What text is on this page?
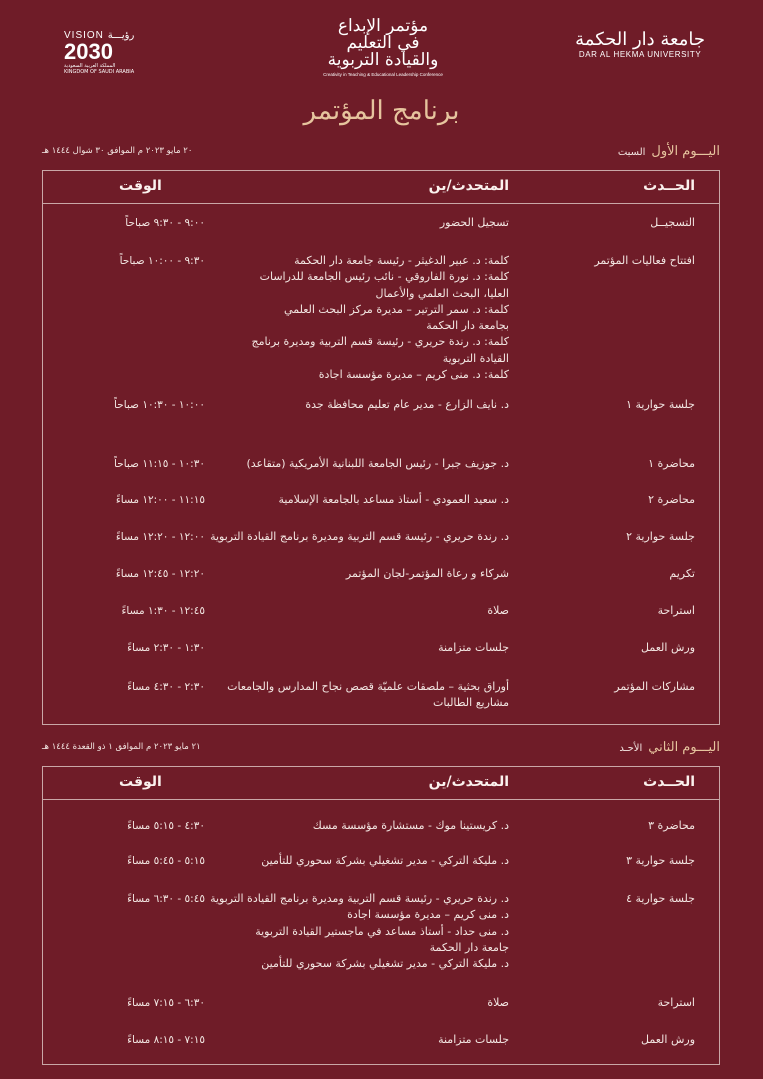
VISION رؤيـــة
2030
المملكة العربية السعودية
KINGDOM OF SAUDI ARABIA
مؤتمر الإبداع
في التعليم
والقيادة التربوية
Creativity in Teaching & Educational Leadership Conference
جامعة دار الحكمة
DAR AL HEKMA UNIVERSITY
برنامج المؤتمر
اليـــوم الأول
السبت
٢٠ مايو ٢٠٢٣ م الموافق ٣٠ شوال ١٤٤٤ هـ
الحــدث
المتحدث/ين
الوقت
التسجيــل
تسجيل الحضور
٩:٠٠ - ٩:٣٠ صباحاً
افتتاح فعاليات المؤتمر
كلمة: د. عبير الدغيثر - رئيسة جامعة دار الحكمة
كلمة: د. نورة الفاروقي - نائب رئيس الجامعة للدراسات
العليا، البحث العلمي والأعمال
كلمة: د. سمر الترتير – مديرة مركز البحث العلمي
بجامعة دار الحكمة
كلمة: د. رندة حريري - رئيسة قسم التربية ومديرة برنامج
القيادة التربوية
كلمة: د. منى كريم – مديرة مؤسسة اجادة
٩:٣٠ - ١٠:٠٠ صباحاً
جلسة حوارية ١
د. نايف الزارع - مدير عام تعليم محافظة جدة
١٠:٠٠ - ١٠:٣٠ صباحاً
محاضرة ١
د. جوزيف جبرا - رئيس الجامعة اللبنانية الأمريكية (متقاعد)
١٠:٣٠ - ١١:١٥ صباحاً
محاضرة ٢
د. سعيد العمودي - أستاذ مساعد بالجامعة الإسلامية
١١:١٥ - ١٢:٠٠ مساءً
جلسة حوارية ٢
د. رندة حريري - رئيسة قسم التربية ومديرة برنامج القيادة التربوية
١٢:٠٠ - ١٢:٢٠ مساءً
تكريم
شركاء و رعاة المؤتمر-لجان المؤتمر
١٢:٢٠ - ١٢:٤٥ مساءً
استراحة
صلاة
١٢:٤٥ - ١:٣٠ مساءً
ورش العمل
جلسات متزامنة
١:٣٠ - ٢:٣٠ مساءً
مشاركات المؤتمر
أوراق بحثية – ملصقات علميّة قصص نجاح المدارس والجامعات
مشاريع الطالبات
٢:٣٠ - ٤:٣٠ مساءً
اليـــوم الثاني
الأحـد
٢١ مايو ٢٠٢٣ م الموافق ١ ذو القعدة ١٤٤٤ هـ
الحــدث
المتحدث/ين
الوقت
محاضرة ٣
د. كريستينا موك - مستشارة مؤسسة مسك
٤:٣٠ - ٥:١٥ مساءً
جلسة حوارية ٣
د. مليكة التركي - مدير تشغيلي بشركة سحوري للتأمين
٥:١٥ - ٥:٤٥ مساءً
جلسة حوارية ٤
د. رندة حريري - رئيسة قسم التربية ومديرة برنامج القيادة التربوية
د. منى كريم – مديرة مؤسسة اجادة
د. منى حداد - أستاذ مساعد في ماجستير القيادة التربوية
جامعة دار الحكمة
د. مليكة التركي - مدير تشغيلي بشركة سحوري للتأمين
٥:٤٥ - ٦:٣٠ مساءً
استراحة
صلاة
٦:٣٠ - ٧:١٥ مساءً
ورش العمل
جلسات متزامنة
٧:١٥ - ٨:١٥ مساءً
